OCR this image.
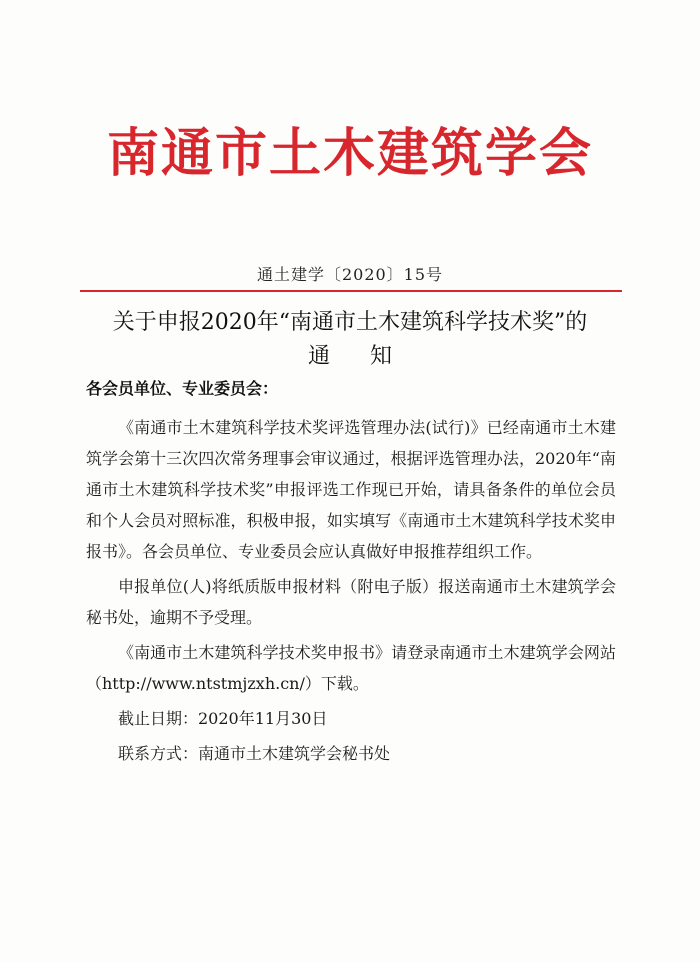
南通市土木建筑学会
通土建学〔2020〕15号
关于申报2020年“南通市土木建筑科学技术奖”的
通知
各会员单位、专业委员会：

《南通市土木建筑科学技术奖评选管理办法(试行)》已经南通市土木建筑学会第十三次四次常务理事会审议通过，根据评选管理办法，2020年“南通市土木建筑科学技术奖”申报评选工作现已开始，请具备条件的单位会员和个人会员对照标准，积极申报，如实填写《南通市土木建筑科学技术奖申报书》。各会员单位、专业委员会应认真做好申报推荐组织工作。

申报单位(人)将纸质版申报材料（附电子版）报送南通市土木建筑学会秘书处，逾期不予受理。

《南通市土木建筑科学技术奖申报书》请登录南通市土木建筑学会网站（http://www.ntstmjzxh.cn/）下载。

截止日期：2020年11月30日

联系方式：南通市土木建筑学会秘书处
